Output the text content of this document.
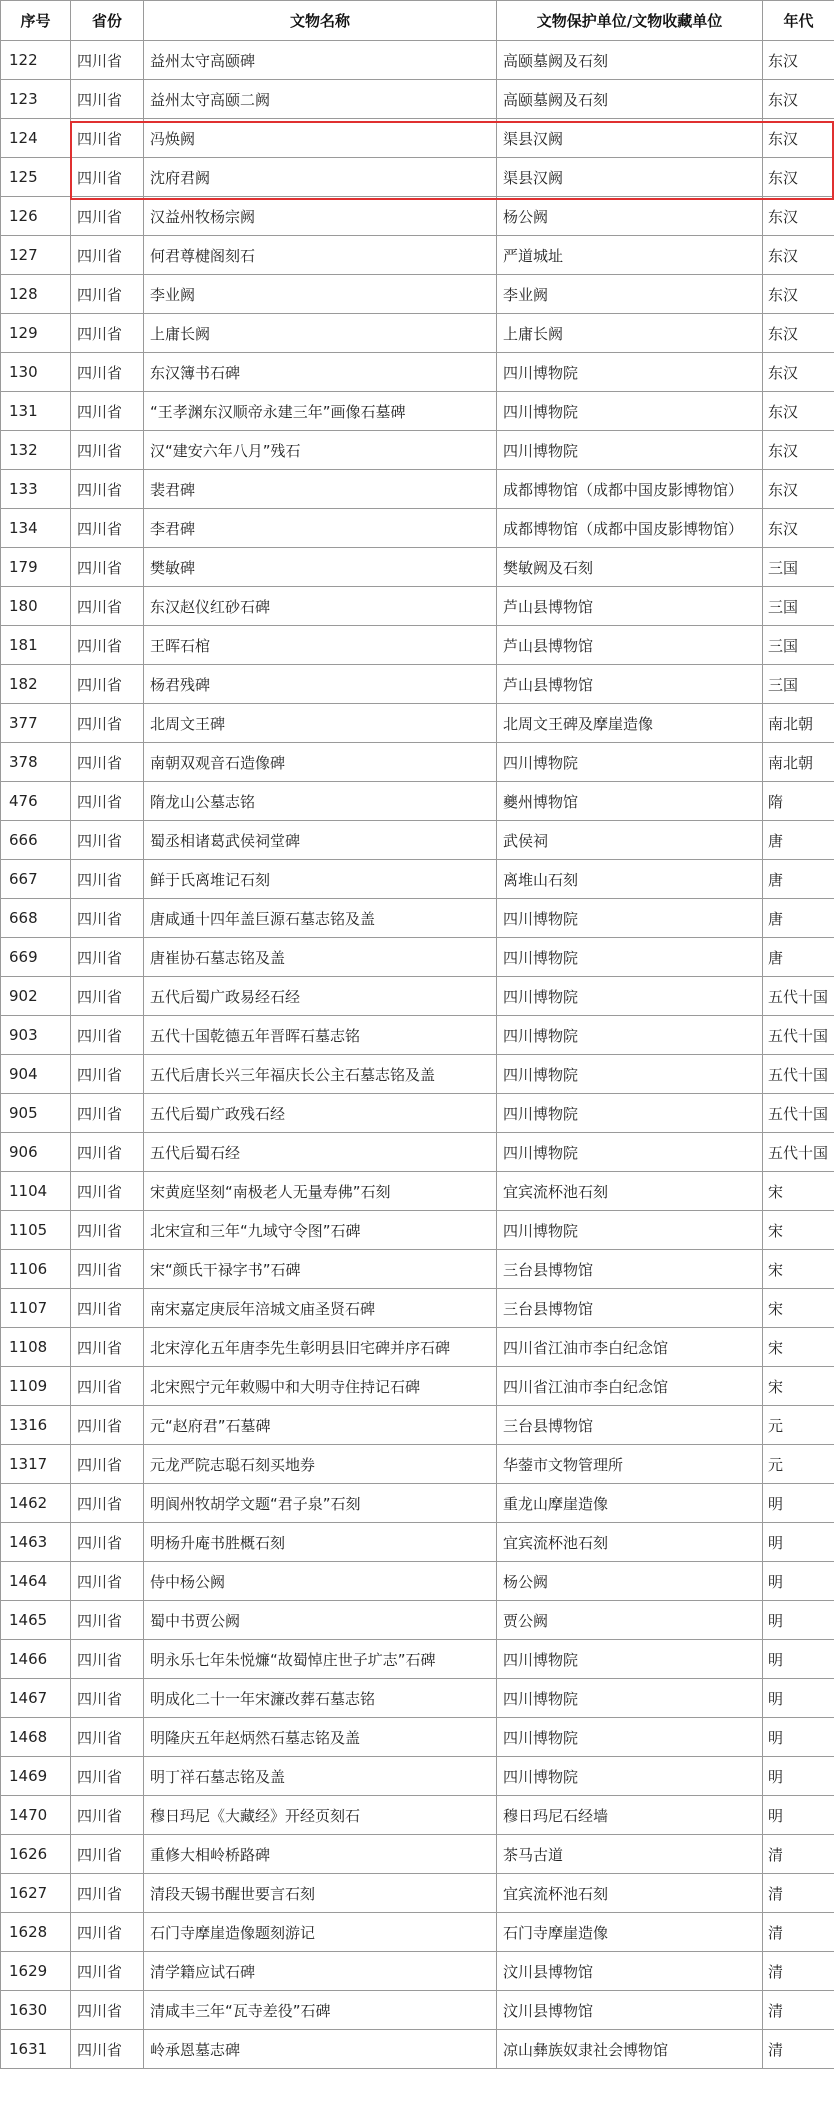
序号	省份	文物名称	文物保护单位/文物收藏单位	年代
122	四川省	益州太守高颐碑	高颐墓阙及石刻	东汉
123	四川省	益州太守高颐二阙	高颐墓阙及石刻	东汉
124	四川省	冯焕阙	渠县汉阙	东汉
125	四川省	沈府君阙	渠县汉阙	东汉
126	四川省	汉益州牧杨宗阙	杨公阙	东汉
127	四川省	何君尊楗阁刻石	严道城址	东汉
128	四川省	李业阙	李业阙	东汉
129	四川省	上庸长阙	上庸长阙	东汉
130	四川省	东汉簿书石碑	四川博物院	东汉
131	四川省	“王孝渊东汉顺帝永建三年”画像石墓碑	四川博物院	东汉
132	四川省	汉“建安六年八月”残石	四川博物院	东汉
133	四川省	裴君碑	成都博物馆（成都中国皮影博物馆）	东汉
134	四川省	李君碑	成都博物馆（成都中国皮影博物馆）	东汉
179	四川省	樊敏碑	樊敏阙及石刻	三国
180	四川省	东汉赵仪红砂石碑	芦山县博物馆	三国
181	四川省	王晖石棺	芦山县博物馆	三国
182	四川省	杨君残碑	芦山县博物馆	三国
377	四川省	北周文王碑	北周文王碑及摩崖造像	南北朝
378	四川省	南朝双观音石造像碑	四川博物院	南北朝
476	四川省	隋龙山公墓志铭	夔州博物馆	隋
666	四川省	蜀丞相诸葛武侯祠堂碑	武侯祠	唐
667	四川省	鲜于氏离堆记石刻	离堆山石刻	唐
668	四川省	唐咸通十四年盖巨源石墓志铭及盖	四川博物院	唐
669	四川省	唐崔协石墓志铭及盖	四川博物院	唐
902	四川省	五代后蜀广政易经石经	四川博物院	五代十国
903	四川省	五代十国乾德五年晋晖石墓志铭	四川博物院	五代十国
904	四川省	五代后唐长兴三年福庆长公主石墓志铭及盖	四川博物院	五代十国
905	四川省	五代后蜀广政残石经	四川博物院	五代十国
906	四川省	五代后蜀石经	四川博物院	五代十国
1104	四川省	宋黄庭坚刻“南极老人无量寿佛”石刻	宜宾流杯池石刻	宋
1105	四川省	北宋宣和三年“九域守令图”石碑	四川博物院	宋
1106	四川省	宋“颜氏干禄字书”石碑	三台县博物馆	宋
1107	四川省	南宋嘉定庚辰年涪城文庙圣贤石碑	三台县博物馆	宋
1108	四川省	北宋淳化五年唐李先生彰明县旧宅碑并序石碑	四川省江油市李白纪念馆	宋
1109	四川省	北宋熙宁元年敕赐中和大明寺住持记石碑	四川省江油市李白纪念馆	宋
1316	四川省	元“赵府君”石墓碑	三台县博物馆	元
1317	四川省	元龙严院志聪石刻买地券	华蓥市文物管理所	元
1462	四川省	明阆州牧胡学文题“君子泉”石刻	重龙山摩崖造像	明
1463	四川省	明杨升庵书胜概石刻	宜宾流杯池石刻	明
1464	四川省	侍中杨公阙	杨公阙	明
1465	四川省	蜀中书贾公阙	贾公阙	明
1466	四川省	明永乐七年朱悦燫“故蜀悼庄世子圹志”石碑	四川博物院	明
1467	四川省	明成化二十一年宋濂改葬石墓志铭	四川博物院	明
1468	四川省	明隆庆五年赵炳然石墓志铭及盖	四川博物院	明
1469	四川省	明丁祥石墓志铭及盖	四川博物院	明
1470	四川省	穆日玛尼《大藏经》开经页刻石	穆日玛尼石经墙	明
1626	四川省	重修大相岭桥路碑	茶马古道	清
1627	四川省	清段天锡书醒世要言石刻	宜宾流杯池石刻	清
1628	四川省	石门寺摩崖造像题刻游记	石门寺摩崖造像	清
1629	四川省	清学籍应试石碑	汶川县博物馆	清
1630	四川省	清咸丰三年“瓦寺差役”石碑	汶川县博物馆	清
1631	四川省	岭承恩墓志碑	凉山彝族奴隶社会博物馆	清
